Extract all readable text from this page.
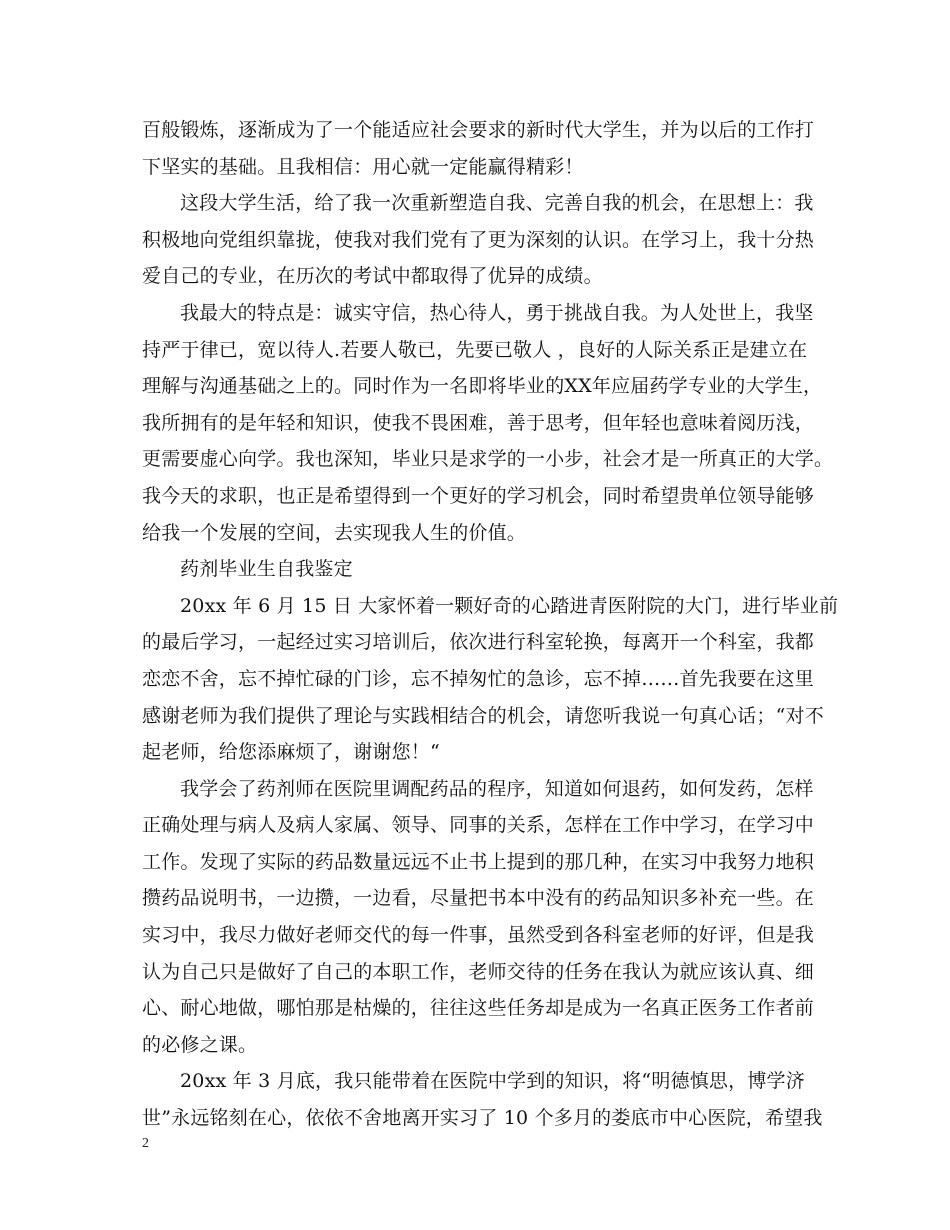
百般锻炼，逐渐成为了一个能适应社会要求的新时代大学生，并为以后的工作打
下坚实的基础。且我相信：用心就一定能赢得精彩！
这段大学生活，给了我一次重新塑造自我、完善自我的机会，在思想上：我
积极地向党组织靠拢，使我对我们党有了更为深刻的认识。在学习上，我十分热
爱自己的专业，在历次的考试中都取得了优异的成绩。
我最大的特点是：诚实守信，热心待人，勇于挑战自我。为人处世上，我坚
持严于律已，宽以待人.若要人敬已，先要已敬人 ，良好的人际关系正是建立在
理解与沟通基础之上的。同时作为一名即将毕业的XX年应届药学专业的大学生，
我所拥有的是年轻和知识，使我不畏困难，善于思考，但年轻也意味着阅历浅，
更需要虚心向学。我也深知，毕业只是求学的一小步，社会才是一所真正的大学。
我今天的求职，也正是希望得到一个更好的学习机会，同时希望贵单位领导能够
给我一个发展的空间，去实现我人生的价值。
药剂毕业生自我鉴定
20xx 年 6 月 15 日 大家怀着一颗好奇的心踏进青医附院的大门，进行毕业前
的最后学习，一起经过实习培训后，依次进行科室轮换，每离开一个科室，我都
恋恋不舍，忘不掉忙碌的门诊，忘不掉匆忙的急诊，忘不掉……首先我要在这里
感谢老师为我们提供了理论与实践相结合的机会，请您听我说一句真心话；“对不
起老师，给您添麻烦了，谢谢您！“
我学会了药剂师在医院里调配药品的程序，知道如何退药，如何发药，怎样
正确处理与病人及病人家属、领导、同事的关系，怎样在工作中学习，在学习中
工作。发现了实际的药品数量远远不止书上提到的那几种，在实习中我努力地积
攒药品说明书，一边攒，一边看，尽量把书本中没有的药品知识多补充一些。在
实习中，我尽力做好老师交代的每一件事，虽然受到各科室老师的好评，但是我
认为自己只是做好了自己的本职工作，老师交待的任务在我认为就应该认真、细
心、耐心地做，哪怕那是枯燥的，往往这些任务却是成为一名真正医务工作者前
的必修之课。
20xx 年 3 月底，我只能带着在医院中学到的知识，将“明德慎思，博学济
世”永远铭刻在心，依依不舍地离开实习了 10 个多月的娄底市中心医院，希望我
2
